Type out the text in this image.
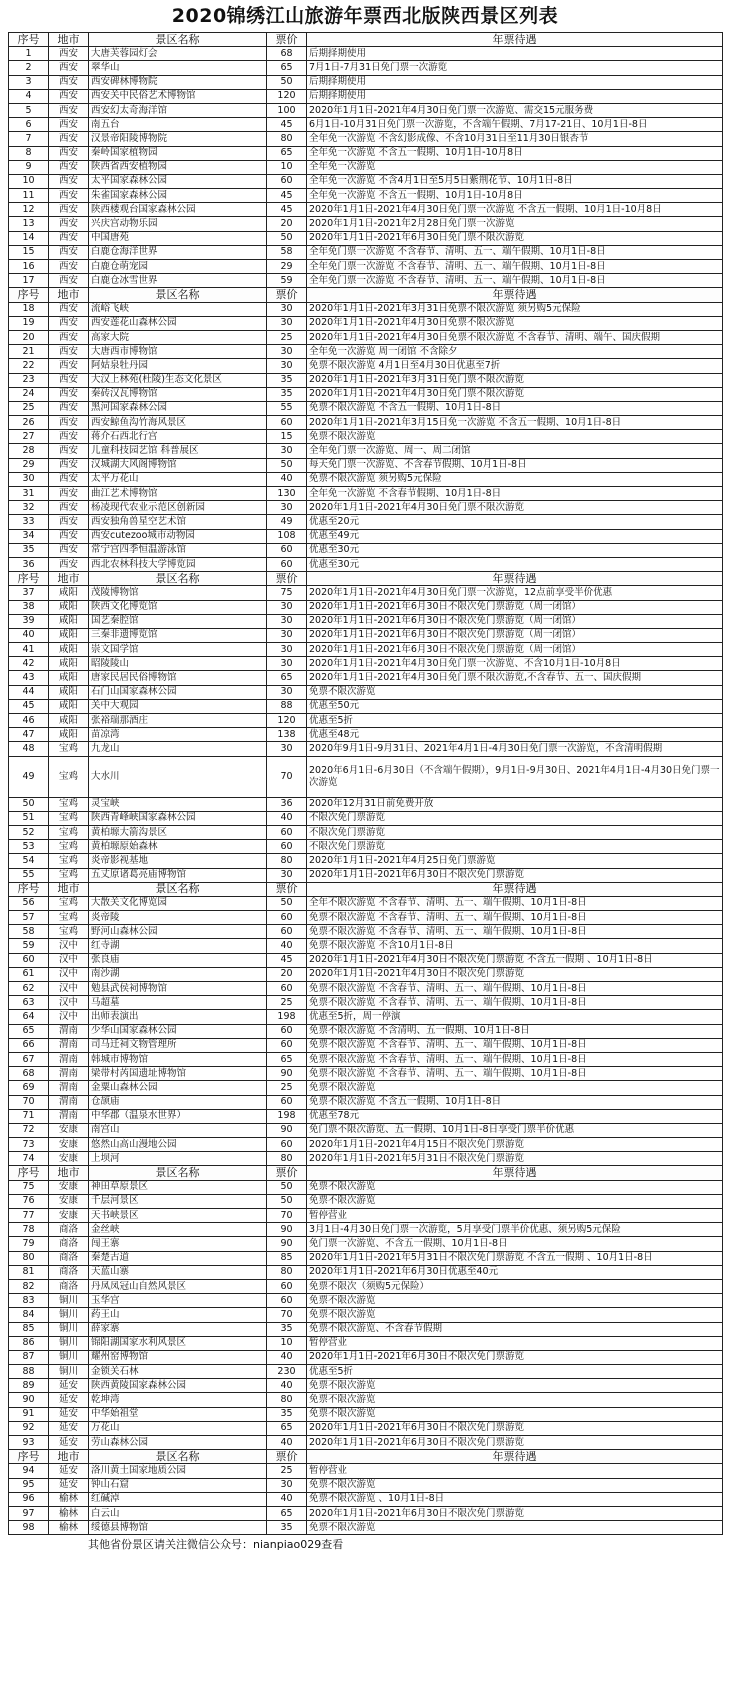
2020锦绣江山旅游年票西北版陕西景区列表
序号	地市	景区名称	票价	年票待遇
1	西安	大唐芙蓉园灯会	68	后期择期使用
2	西安	翠华山	65	7月1日-7月31日免门票一次游览
3	西安	西安碑林博物院	50	后期择期使用
4	西安	西安关中民俗艺术博物馆	120	后期择期使用
5	西安	西安幻太奇海洋馆	100	2020年1月1日-2021年4月30日免门票一次游览、需交15元服务费
6	西安	南五台	45	6月1日-10月31日免门票一次游览，不含端午假期、7月17-21日、10月1日-8日
7	西安	汉景帝阳陵博物院	80	全年免一次游览 不含幻影成像、不含10月31日至11月30日银杏节
8	西安	秦岭国家植物园	65	全年免一次游览 不含五一假期、10月1日-10月8日
9	西安	陕西省西安植物园	10	全年免一次游览
10	西安	太平国家森林公园	60	全年免一次游览 不含4月1日至5月5日紫荆花节、10月1日-8日
11	西安	朱雀国家森林公园	45	全年免一次游览 不含五一假期、10月1日-10月8日
12	西安	陕西楼观台国家森林公园	45	2020年1月1日-2021年4月30日免门票一次游览 不含五一假期、10月1日-10月8日
13	西安	兴庆宫动物乐园	20	2020年1月1日-2021年2月28日免门票一次游览
14	西安	中国唐苑	50	2020年1月1日-2021年6月30日免门票不限次游览
15	西安	白鹿仓海洋世界	58	全年免门票一次游览 不含春节、清明、五一、端午假期、10月1日-8日
16	西安	白鹿仓萌宠园	29	全年免门票一次游览 不含春节、清明、五一、端午假期、10月1日-8日
17	西安	白鹿仓冰雪世界	59	全年免门票一次游览 不含春节、清明、五一、端午假期、10月1日-8日
序号	地市	景区名称	票价	年票待遇
18	西安	流峪飞峡	30	2020年1月1日-2021年3月31日免票不限次游览 须另购5元保险
19	西安	西安莲花山森林公园	30	2020年1月1日-2021年4月30日免票不限次游览
20	西安	高家大院	25	2020年1月1日-2021年4月30日免票不限次游览 不含春节、清明、端午、国庆假期
21	西安	大唐西市博物馆	30	全年免一次游览 周一闭馆 不含除夕
22	西安	阿姑泉牡丹园	30	免票不限次游览 4月1日至4月30日优惠至7折
23	西安	大汉上林苑(杜陵)生态文化景区	35	2020年1月1日-2021年3月31日免门票不限次游览
24	西安	秦砖汉瓦博物馆	35	2020年1月1日-2021年4月30日免门票不限次游览
25	西安	黑河国家森林公园	55	免票不限次游览 不含五一假期、10月1日-8日
26	西安	西安鲸鱼沟竹海风景区	60	2020年1月1日-2021年3月15日免一次游览 不含五一假期、10月1日-8日
27	西安	蒋介石西北行宫	15	免票不限次游览
28	西安	儿童科技园艺馆 科普展区	30	全年免门票一次游览、周一、周二闭馆
29	西安	汉城湖大风阁博物馆	50	每天免门票一次游览、不含春节假期、10月1日-8日
30	西安	太平万花山	40	免票不限次游览 须另购5元保险
31	西安	曲江艺术博物馆	130	全年免一次游览 不含春节假期、10月1日-8日
32	西安	杨凌现代农业示范区创新园	30	2020年1月1日-2021年4月30日免门票不限次游览
33	西安	西安独角兽星空艺术馆	49	优惠至20元
34	西安	西安cutezoo城市动物园	108	优惠至49元
35	西安	常宁宫四季恒温游泳馆	60	优惠至30元
36	西安	西北农林科技大学博览园	60	优惠至30元
序号	地市	景区名称	票价	年票待遇
37	咸阳	茂陵博物馆	75	2020年1月1日-2021年4月30日免门票一次游览，12点前享受半价优惠
38	咸阳	陕西文化博览馆	30	2020年1月1日-2021年6月30日不限次免门票游览（周一闭馆）
39	咸阳	国艺秦腔馆	30	2020年1月1日-2021年6月30日不限次免门票游览（周一闭馆）
40	咸阳	三秦非遗博览馆	30	2020年1月1日-2021年6月30日不限次免门票游览（周一闭馆）
41	咸阳	崇文国学馆	30	2020年1月1日-2021年6月30日不限次免门票游览（周一闭馆）
42	咸阳	昭陵陵山	30	2020年1月1日-2021年4月30日免门票一次游览、不含10月1日-10月8日
43	咸阳	唐家民居民俗博物馆	65	2020年1月1日-2021年4月30日免门票不限次游览,不含春节、五一、国庆假期
44	咸阳	石门山国家森林公园	30	免票不限次游览
45	咸阳	关中大观园	88	优惠至50元
46	咸阳	张裕瑞那酒庄	120	优惠至5折
47	咸阳	苗凉湾	138	优惠至48元
48	宝鸡	九龙山	30	2020年9月1日-9月31日、2021年4月1日-4月30日免门票一次游览，不含清明假期
49	宝鸡	大水川	70	2020年6月1日-6月30日（不含端午假期），9月1日-9月30日、2021年4月1日-4月30日免门票一次游览
50	宝鸡	灵宝峡	36	2020年12月31日前免费开放
51	宝鸡	陕西青峰峡国家森林公园	40	不限次免门票游览
52	宝鸡	黄柏塬大箭沟景区	60	不限次免门票游览
53	宝鸡	黄柏塬原始森林	60	不限次免门票游览
54	宝鸡	炎帝影视基地	80	2020年1月1日-2021年4月25日免门票游览
55	宝鸡	五丈原诸葛亮庙博物馆	30	2020年1月1日-2021年6月30日不限次免门票游览
序号	地市	景区名称	票价	年票待遇
56	宝鸡	大散关文化博览园	50	全年不限次游览 不含春节、清明、五一、端午假期、10月1日-8日
57	宝鸡	炎帝陵	60	免票不限次游览 不含春节、清明、五一、端午假期、10月1日-8日
58	宝鸡	野河山森林公园	60	免票不限次游览 不含春节、清明、五一、端午假期、10月1日-8日
59	汉中	红寺湖	40	免票不限次游览 不含10月1日-8日
60	汉中	张良庙	45	2020年1月1日-2021年4月30日不限次免门票游览 不含五一假期 、10月1日-8日
61	汉中	南沙湖	20	2020年1月1日-2021年4月30日不限次免门票游览
62	汉中	勉县武侯祠博物馆	60	免票不限次游览 不含春节、清明、五一、端午假期、10月1日-8日
63	汉中	马超墓	25	免票不限次游览 不含春节、清明、五一、端午假期、10月1日-8日
64	汉中	出师表演出	198	优惠至5折，周一停演
65	渭南	少华山国家森林公园	60	免票不限次游览 不含清明、五一假期、10月1日-8日
66	渭南	司马迁祠文物管理所	60	免票不限次游览 不含春节、清明、五一、端午假期、10月1日-8日
67	渭南	韩城市博物馆	65	免票不限次游览 不含春节、清明、五一、端午假期、10月1日-8日
68	渭南	梁带村芮国遗址博物馆	90	免票不限次游览 不含春节、清明、五一、端午假期、10月1日-8日
69	渭南	金粟山森林公园	25	免票不限次游览
70	渭南	仓颉庙	60	免票不限次游览 不含五一假期、10月1日-8日
71	渭南	中华郡（温泉水世界）	198	优惠至78元
72	安康	南宫山	90	免门票不限次游览、五一假期、10月1日-8日享受门票半价优惠
73	安康	悠然山高山漫地公园	60	2020年1月1日-2021年4月15日不限次免门票游览
74	安康	上坝河	80	2020年1月1日-2021年5月31日不限次免门票游览
序号	地市	景区名称	票价	年票待遇
75	安康	神田草原景区	50	免票不限次游览
76	安康	千层河景区	50	免票不限次游览
77	安康	天书峡景区	70	暂停营业
78	商洛	金丝峡	90	3月1日-4月30日免门票一次游览，5月享受门票半价优惠、须另购5元保险
79	商洛	闯王寨	90	免门票一次游览、不含五一假期、10月1日-8日
80	商洛	秦楚古道	85	2020年1月1日-2021年5月31日不限次免门票游览 不含五一假期 、10月1日-8日
81	商洛	天蓝山寨	80	2020年1月1日-2021年6月30日优惠至40元
82	商洛	丹凤凤冠山自然风景区	60	免票不限次（须购5元保险）
83	铜川	玉华宫	60	免票不限次游览
84	铜川	药王山	70	免票不限次游览
85	铜川	薛家寨	35	免票不限次游览、不含春节假期
86	铜川	锦阳湖国家水利风景区	10	暂停营业
87	铜川	耀州窑博物馆	40	2020年1月1日-2021年6月30日不限次免门票游览
88	铜川	金锁关石林	230	优惠至5折
89	延安	陕西黄陵国家森林公园	40	免票不限次游览
90	延安	乾坤湾	80	免票不限次游览
91	延安	中华始祖堂	35	免票不限次游览
92	延安	万花山	65	2020年1月1日-2021年6月30日不限次免门票游览
93	延安	劳山森林公园	40	2020年1月1日-2021年6月30日不限次免门票游览
序号	地市	景区名称	票价	年票待遇
94	延安	洛川黄土国家地质公园	25	暂停营业
95	延安	钟山石窟	30	免票不限次游览
96	榆林	红碱淖	40	免票不限次游览 、10月1日-8日
97	榆林	白云山	65	2020年1月1日-2021年6月30日不限次免门票游览
98	榆林	绥德县博物馆	35	免票不限次游览
其他省份景区请关注微信公众号：nianpiao029查看
